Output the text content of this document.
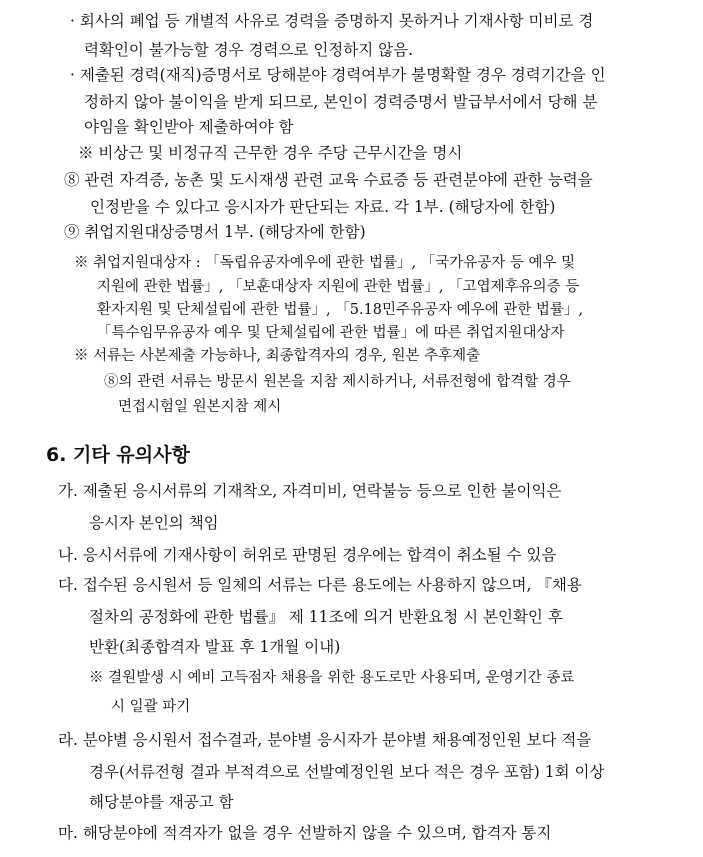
· 회사의 폐업 등 개별적 사유로 경력을 증명하지 못하거나 기재사항 미비로 경
력확인이 불가능할 경우 경력으로 인정하지 않음.
· 제출된 경력(재직)증명서로 당해분야 경력여부가 불명확할 경우 경력기간을 인
정하지 않아 불이익을 받게 되므로, 본인이 경력증명서 발급부서에서 당해 분
야임을 확인받아 제출하여야 함
※ 비상근 및 비정규직 근무한 경우 주당 근무시간을 명시
⑧ 관련 자격증, 농촌 및 도시재생 관련 교육 수료증 등 관련분야에 관한 능력을
인정받을 수 있다고 응시자가 판단되는 자료. 각 1부. (해당자에 한함)
⑨ 취업지원대상증명서 1부. (해당자에 한함)
※ 취업지원대상자 : 「독립유공자예우에 관한 법률」, 「국가유공자 등 예우 및
지원에 관한 법률」, 「보훈대상자 지원에 관한 법률」, 「고엽제후유의증 등
환자지원 및 단체설립에 관한 법률」, 「5.18민주유공자 예우에 관한 법률」,
「특수임무유공자 예우 및 단체설립에 관한 법률」에 따른 취업지원대상자
※ 서류는 사본제출 가능하나, 최종합격자의 경우, 원본 추후제출
⑧의 관련 서류는 방문시 원본을 지참 제시하거나, 서류전형에 합격할 경우
면접시험일 원본지참 제시
6. 기타 유의사항
가. 제출된 응시서류의 기재착오, 자격미비, 연락불능 등으로 인한 불이익은
응시자 본인의 책임
나. 응시서류에 기재사항이 허위로 판명된 경우에는 합격이 취소될 수 있음
다. 접수된 응시원서 등 일체의 서류는 다른 용도에는 사용하지 않으며, 『채용
절차의 공정화에 관한 법률』 제 11조에 의거 반환요청 시 본인확인 후
반환(최종합격자 발표 후 1개월 이내)
※ 결원발생 시 예비 고득점자 채용을 위한 용도로만 사용되며, 운영기간 종료
시 일괄 파기
라. 분야별 응시원서 접수결과, 분야별 응시자가 분야별 채용예정인원 보다 적을
경우(서류전형 결과 부적격으로 선발예정인원 보다 적은 경우 포함) 1회 이상
해당분야를 재공고 함
마. 해당분야에 적격자가 없을 경우 선발하지 않을 수 있으며, 합격자 통지
